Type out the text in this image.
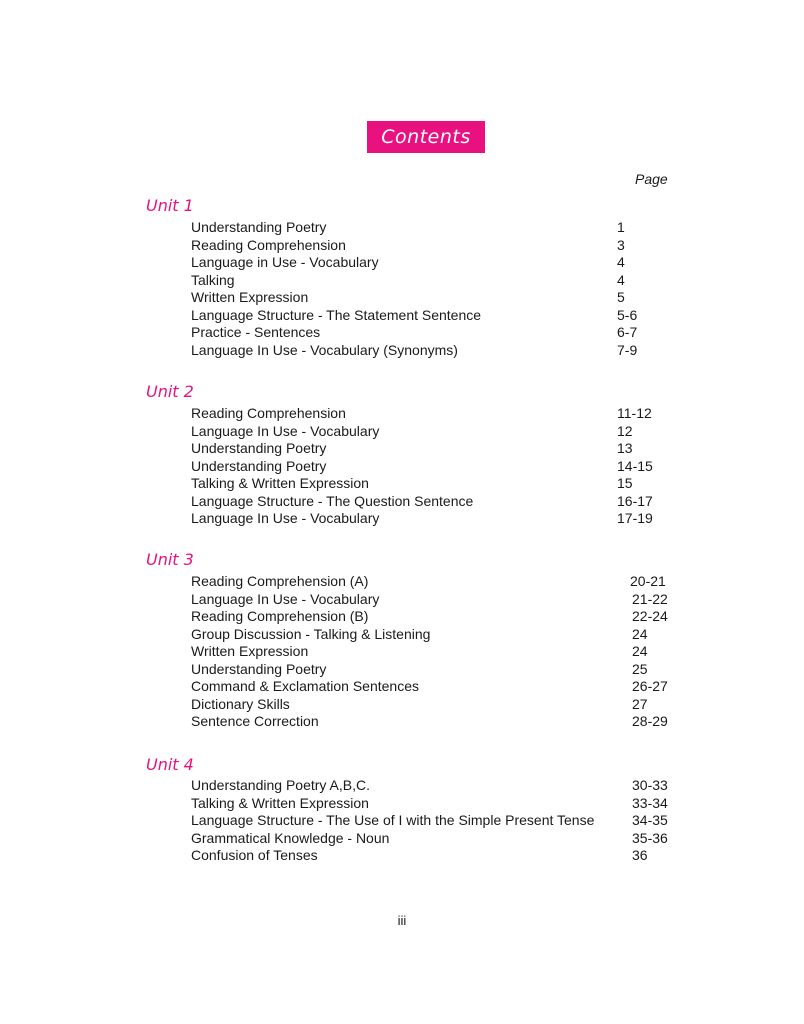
Contents
Page
Unit 1
Understanding Poetry	1
Reading Comprehension	3
Language in Use - Vocabulary	4
Talking	4
Written Expression	5
Language Structure - The Statement Sentence	5-6
Practice - Sentences	6-7
Language In Use - Vocabulary (Synonyms)	7-9
Unit 2
Reading Comprehension	11-12
Language In Use - Vocabulary	12
Understanding Poetry	13
Understanding Poetry	14-15
Talking & Written Expression	15
Language Structure - The Question Sentence	16-17
Language In Use - Vocabulary	17-19
Unit 3
Reading Comprehension (A)	20-21
Language In Use - Vocabulary	21-22
Reading Comprehension (B)	22-24
Group Discussion - Talking & Listening	24
Written Expression	24
Understanding Poetry	25
Command & Exclamation Sentences	26-27
Dictionary Skills	27
Sentence Correction	28-29
Unit 4
Understanding Poetry A,B,C.	30-33
Talking & Written Expression	33-34
Language Structure - The Use of I with the Simple Present Tense	34-35
Grammatical Knowledge - Noun	35-36
Confusion of Tenses	36
iii
